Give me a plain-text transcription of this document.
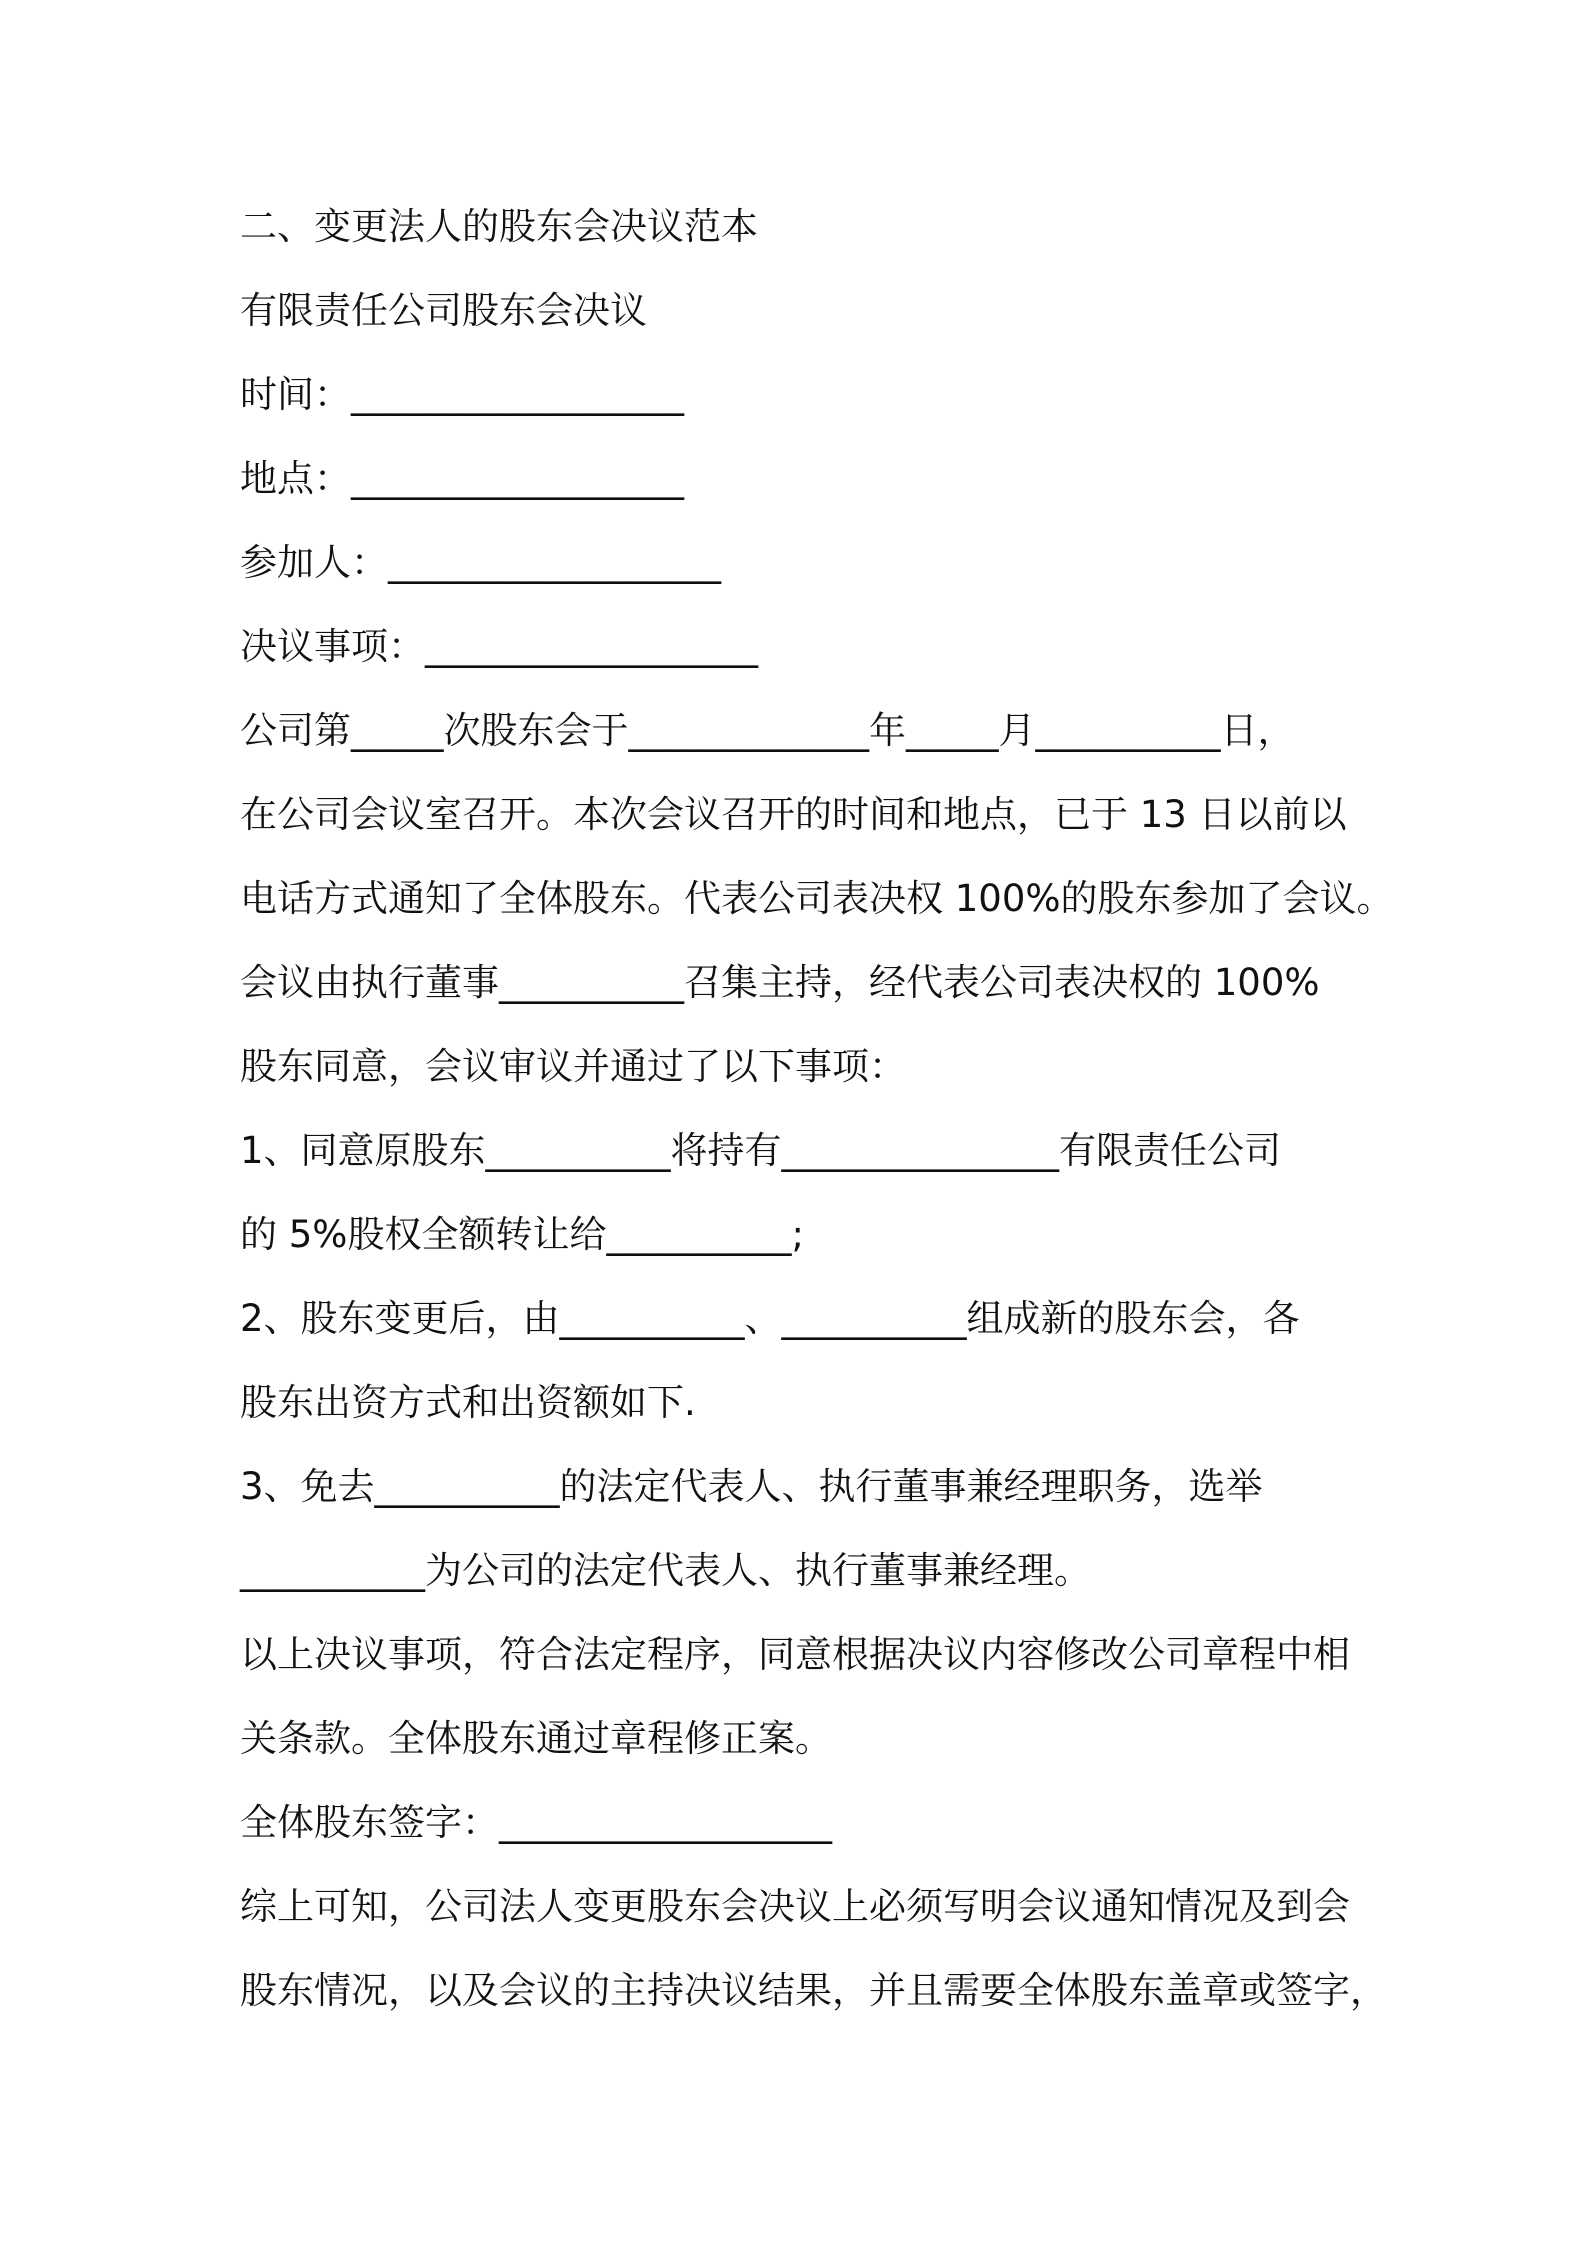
二、变更法人的股东会决议范本
有限责任公司股东会决议
时间：__________________
地点：__________________
参加人：__________________
决议事项：__________________
公司第_____次股东会于_____________年_____月__________日，
在公司会议室召开。本次会议召开的时间和地点，已于 13 日以前以
电话方式通知了全体股东。代表公司表决权 100%的股东参加了会议。
会议由执行董事__________召集主持，经代表公司表决权的 100%
股东同意，会议审议并通过了以下事项：
1、同意原股东__________将持有_______________有限责任公司
的 5%股权全额转让给__________;
2、股东变更后，由__________、__________组成新的股东会，各
股东出资方式和出资额如下.
3、免去__________的法定代表人、执行董事兼经理职务，选举
__________为公司的法定代表人、执行董事兼经理。
以上决议事项，符合法定程序，同意根据决议内容修改公司章程中相
关条款。全体股东通过章程修正案。
全体股东签字：__________________
综上可知，公司法人变更股东会决议上必须写明会议通知情况及到会
股东情况，以及会议的主持决议结果，并且需要全体股东盖章或签字，
